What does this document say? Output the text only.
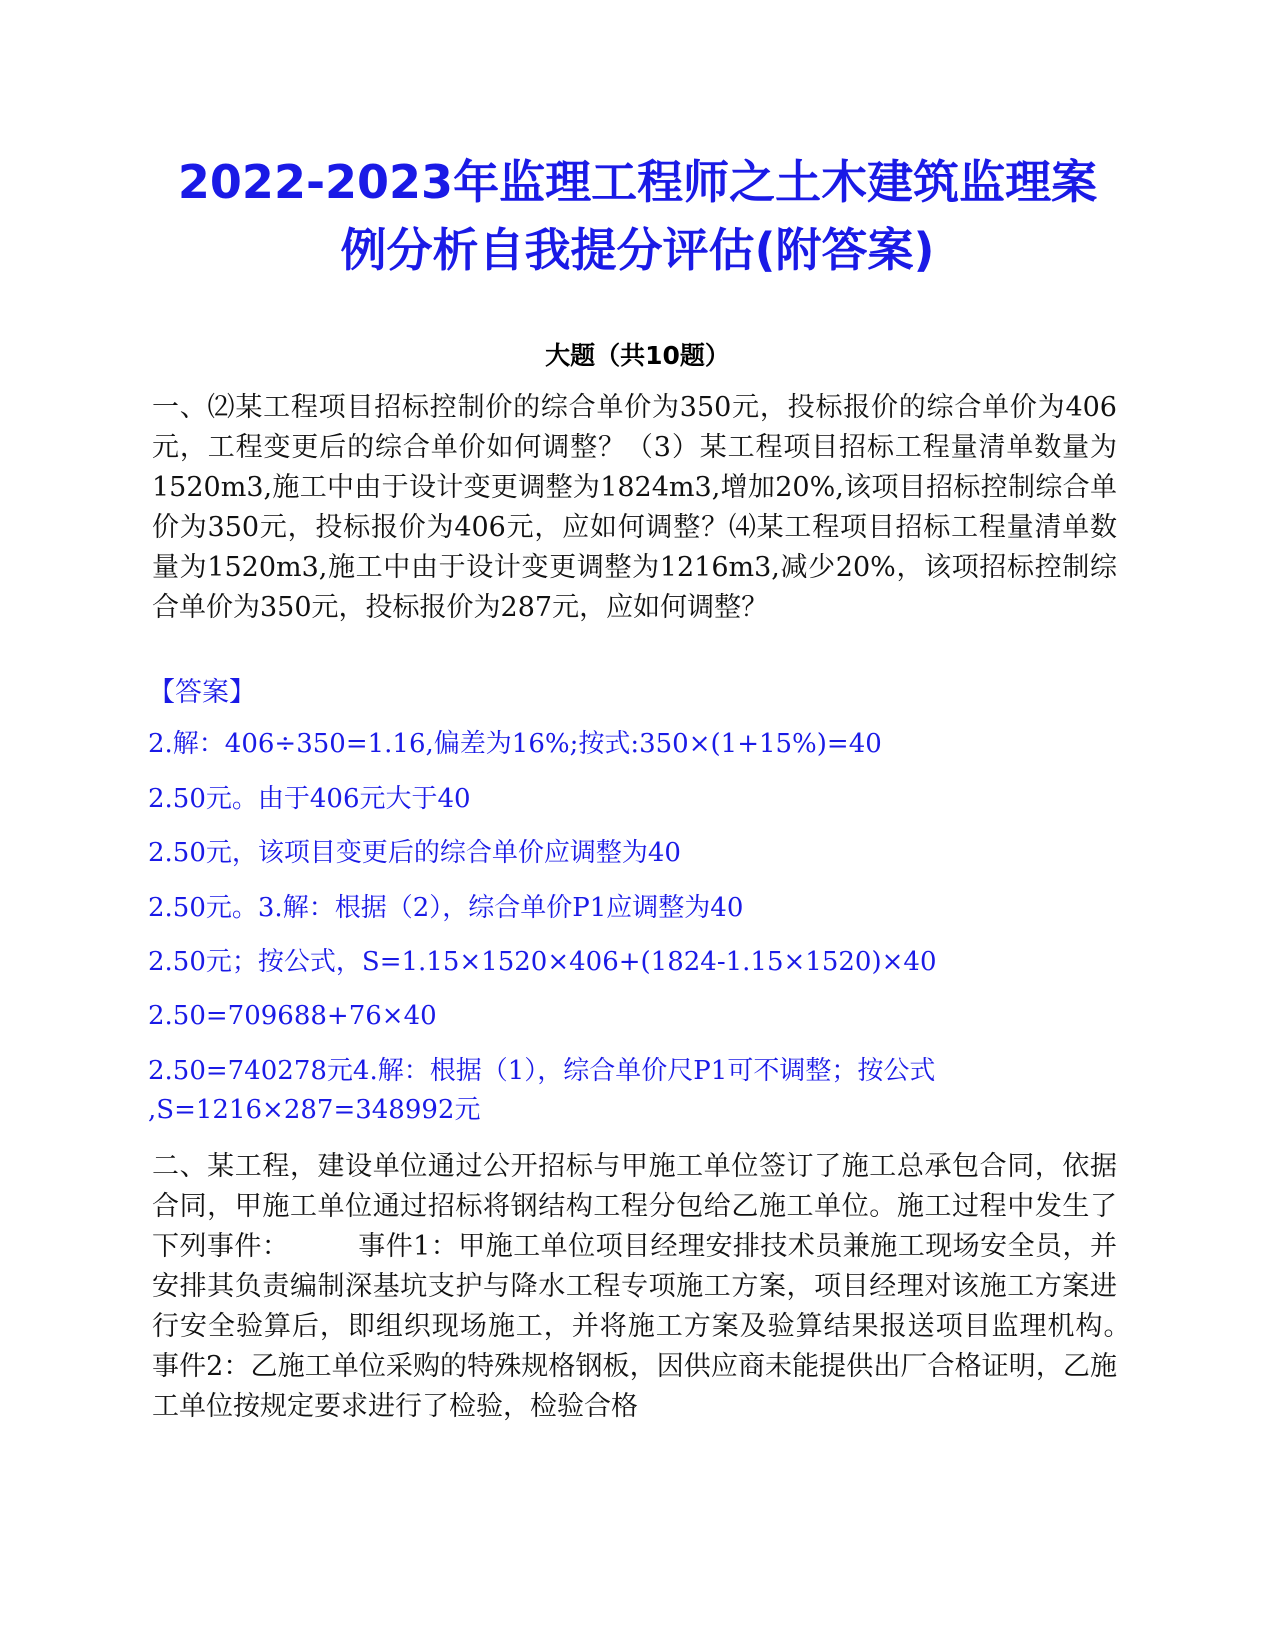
2022-2023年监理工程师之土木建筑监理案
例分析自我提分评估(附答案)
大题（共10题）

一、⑵某工程项目招标控制价的综合单价为350元，投标报价的综合单价为406元，工程变更后的综合单价如何调整？（3）某工程项目招标工程量清单数量为1520m3,施工中由于设计变更调整为1824m3,增加20%,该项目招标控制综合单价为350元，投标报价为406元，应如何调整？⑷某工程项目招标工程量清单数量为1520m3,施工中由于设计变更调整为1216m3,减少20%，该项招标控制综合单价为350元，投标报价为287元，应如何调整？

【答案】
2.解：406÷350=1.16,偏差为16%;按式:350×(1+15%)=40
2.50元。由于406元大于40
2.50元，该项目变更后的综合单价应调整为40
2.50元。3.解：根据（2），综合单价P1应调整为40
2.50元；按公式，S=1.15×1520×406+(1824-1.15×1520)×40
2.50=709688+76×40
2.50=740278元4.解：根据（1），综合单价尺P1可不调整；按公式
,S=1216×287=348992元

二、某工程，建设单位通过公开招标与甲施工单位签订了施工总承包合同，依据合同，甲施工单位通过招标将钢结构工程分包给乙施工单位。施工过程中发生了下列事件：　　　事件1：甲施工单位项目经理安排技术员兼施工现场安全员，并安排其负责编制深基坑支护与降水工程专项施工方案，项目经理对该施工方案进行安全验算后，即组织现场施工，并将施工方案及验算结果报送项目监理机构。　　　事件2：乙施工单位采购的特殊规格钢板，因供应商未能提供出厂合格证明，乙施工单位按规定要求进行了检验，检验合格
